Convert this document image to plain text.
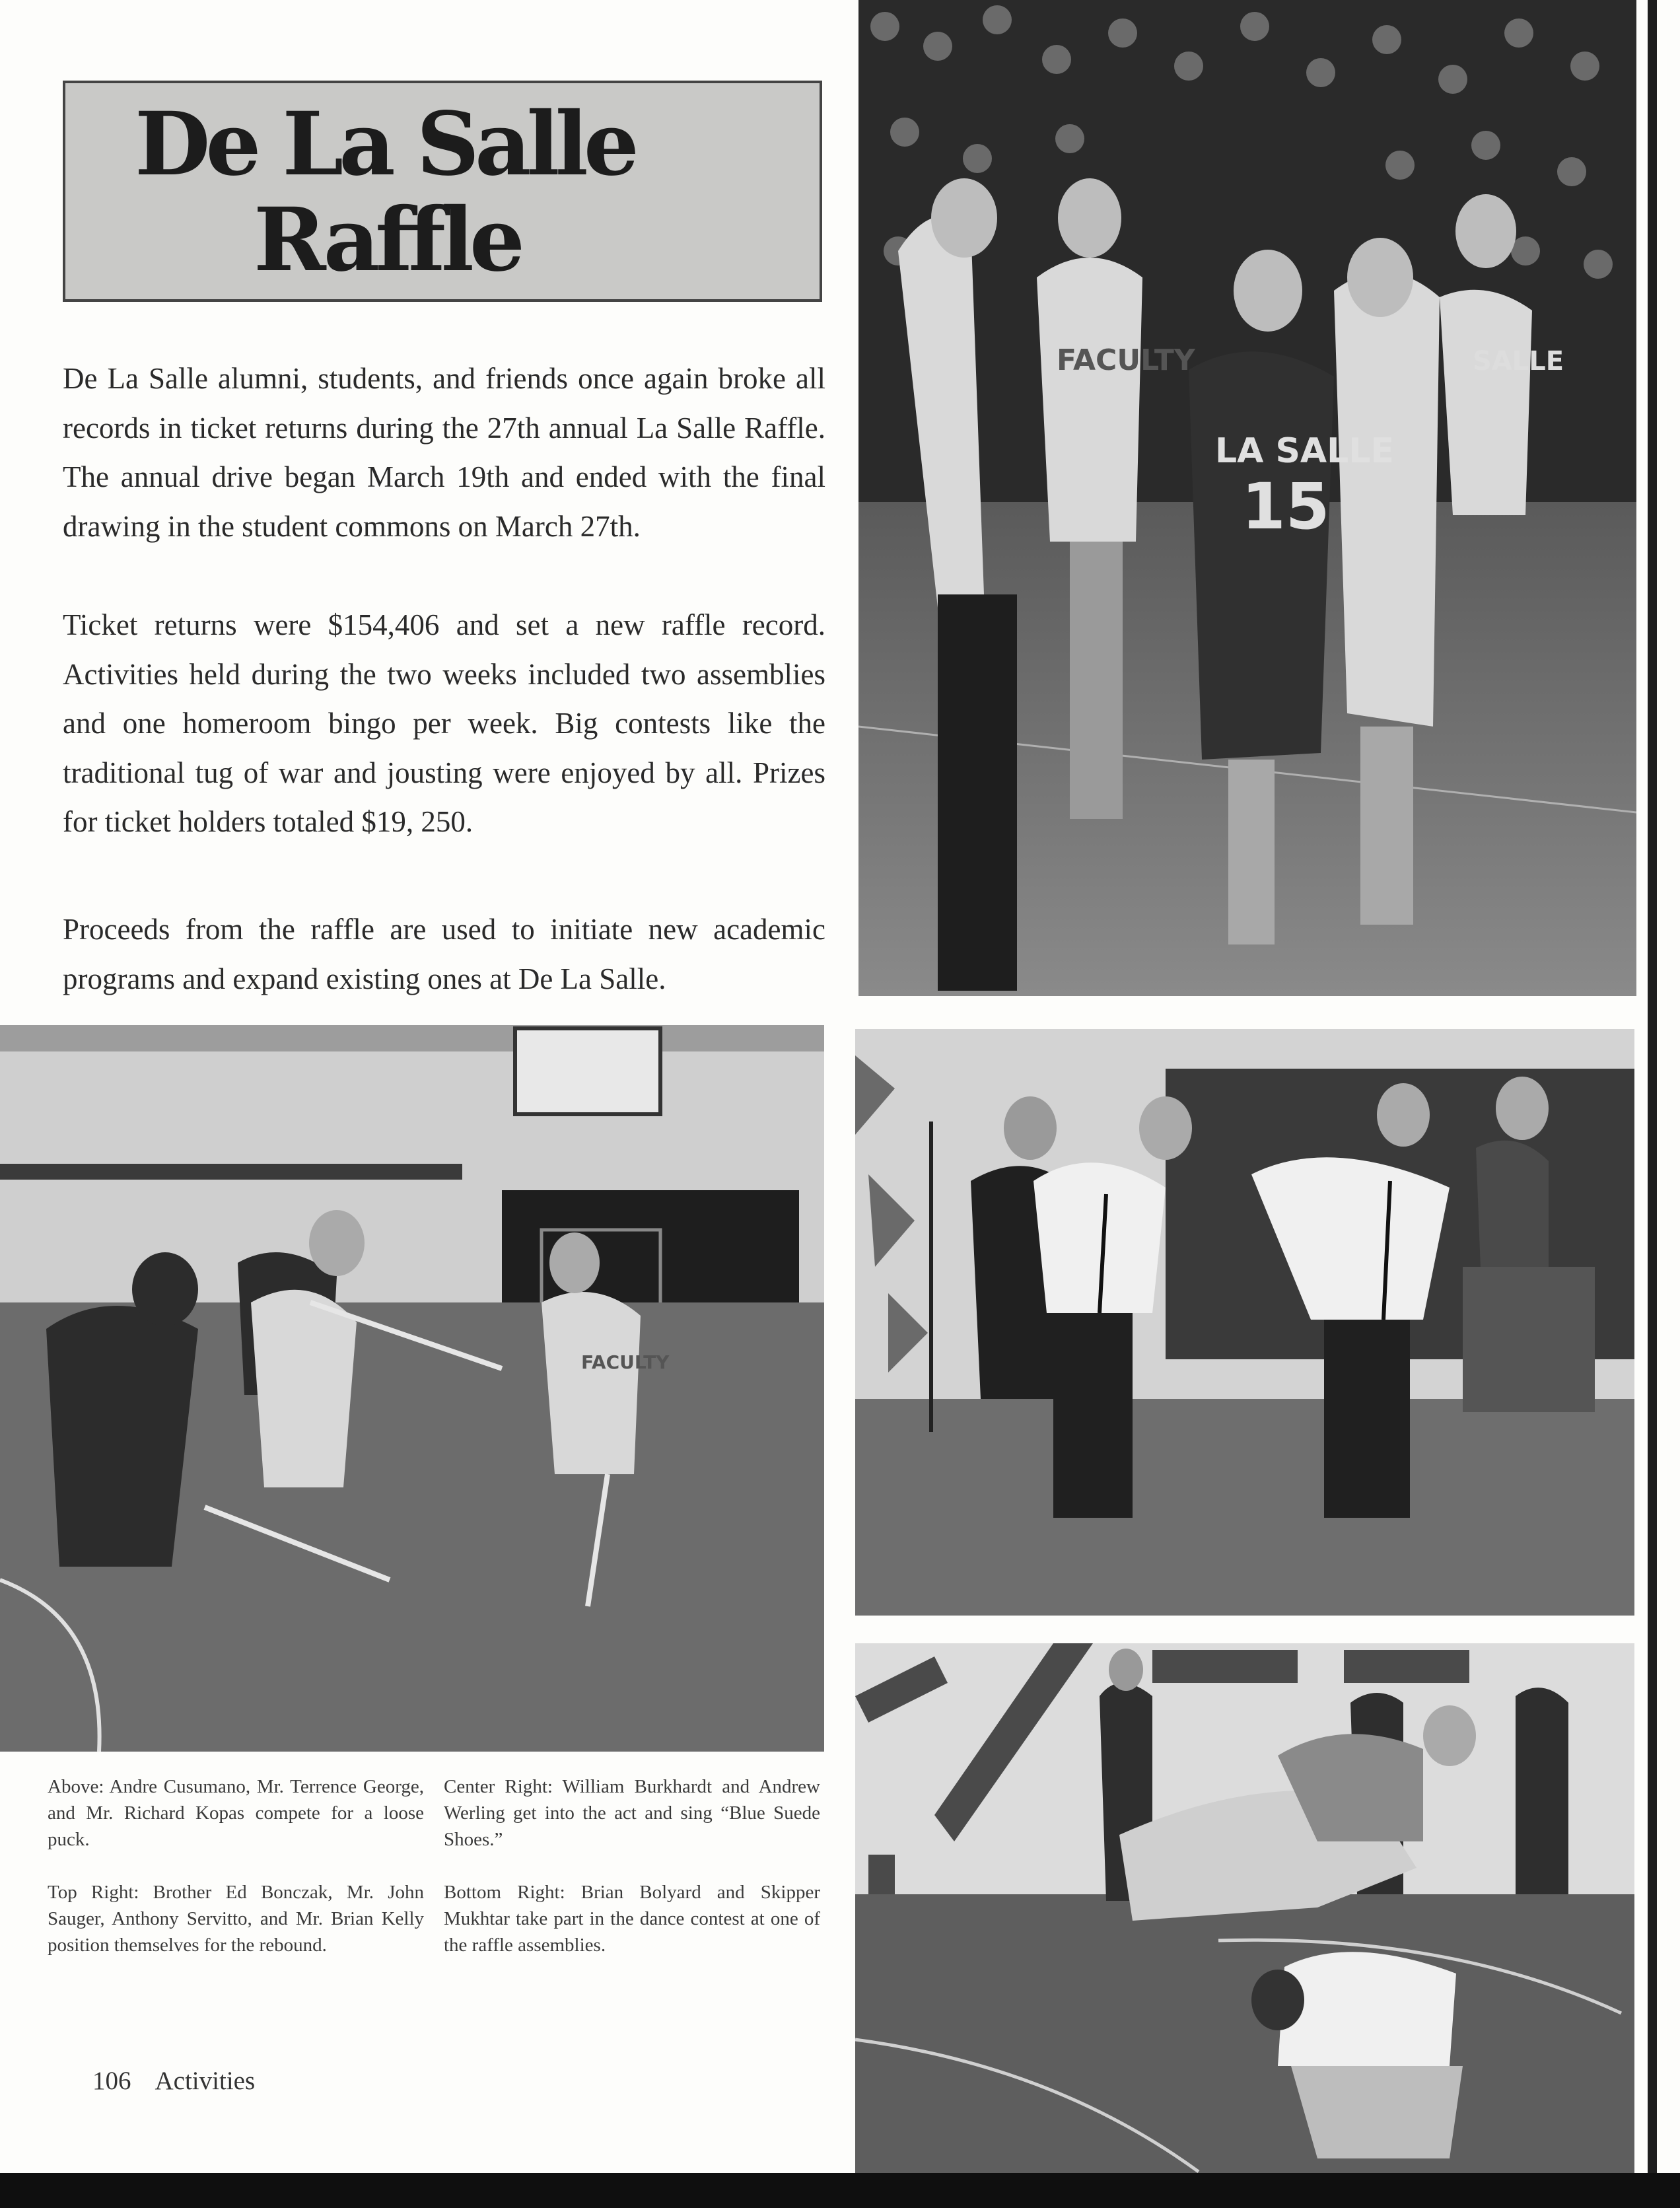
De La Salle
Raffle

De La Salle alumni, students, and friends once again broke all records in ticket returns during the 27th annual La Salle Raffle. The annual drive began March 19th and ended with the final drawing in the student commons on March 27th.

Ticket returns were $154,406 and set a new raffle record. Activities held during the two weeks included two assemblies and one homeroom bingo per week. Big contests like the traditional tug of war and jousting were enjoyed by all. Prizes for ticket holders totaled $19, 250.

Proceeds from the raffle are used to initiate new academic programs and expand existing ones at De La Salle.

FACULTY
LA SALLE
15
SALLE
FACULTY

Above: Andre Cusumano, Mr. Terrence George, and Mr. Richard Kopas compete for a loose puck.

Top Right: Brother Ed Bonczak, Mr. John Sauger, Anthony Servitto, and Mr. Brian Kelly position themselves for the rebound.

Center Right: William Burkhardt and Andrew Werling get into the act and sing “Blue Suede Shoes.”

Bottom Right: Brian Bolyard and Skipper Mukhtar take part in the dance contest at one of the raffle assemblies.

106 Activities
